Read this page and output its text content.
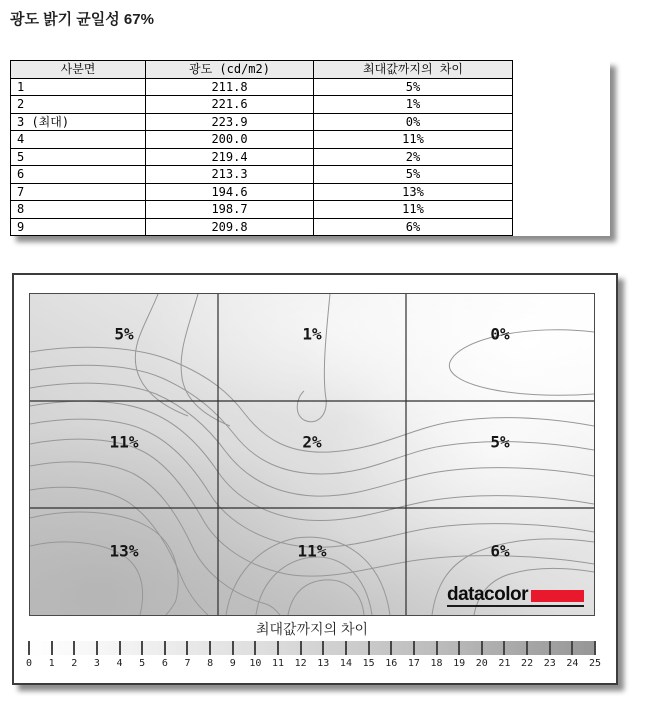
광도 밝기 균일성 67%
사분면	광도 (cd/m2)	최대값까지의 차이
1	211.8	5%
2	221.6	1%
3 (최대)	223.9	0%
4	200.0	11%
5	219.4	2%
6	213.3	5%
7	194.6	13%
8	198.7	11%
9	209.8	6%
datacolor
5%	1%	0%
11%	2%	5%
13%	11%	6%
최대값까지의 차이
0 1 2 3 4 5 6 7 8 9 10 11 12 13 14 15 16 17 18 19 20 21 22 23 24 25
